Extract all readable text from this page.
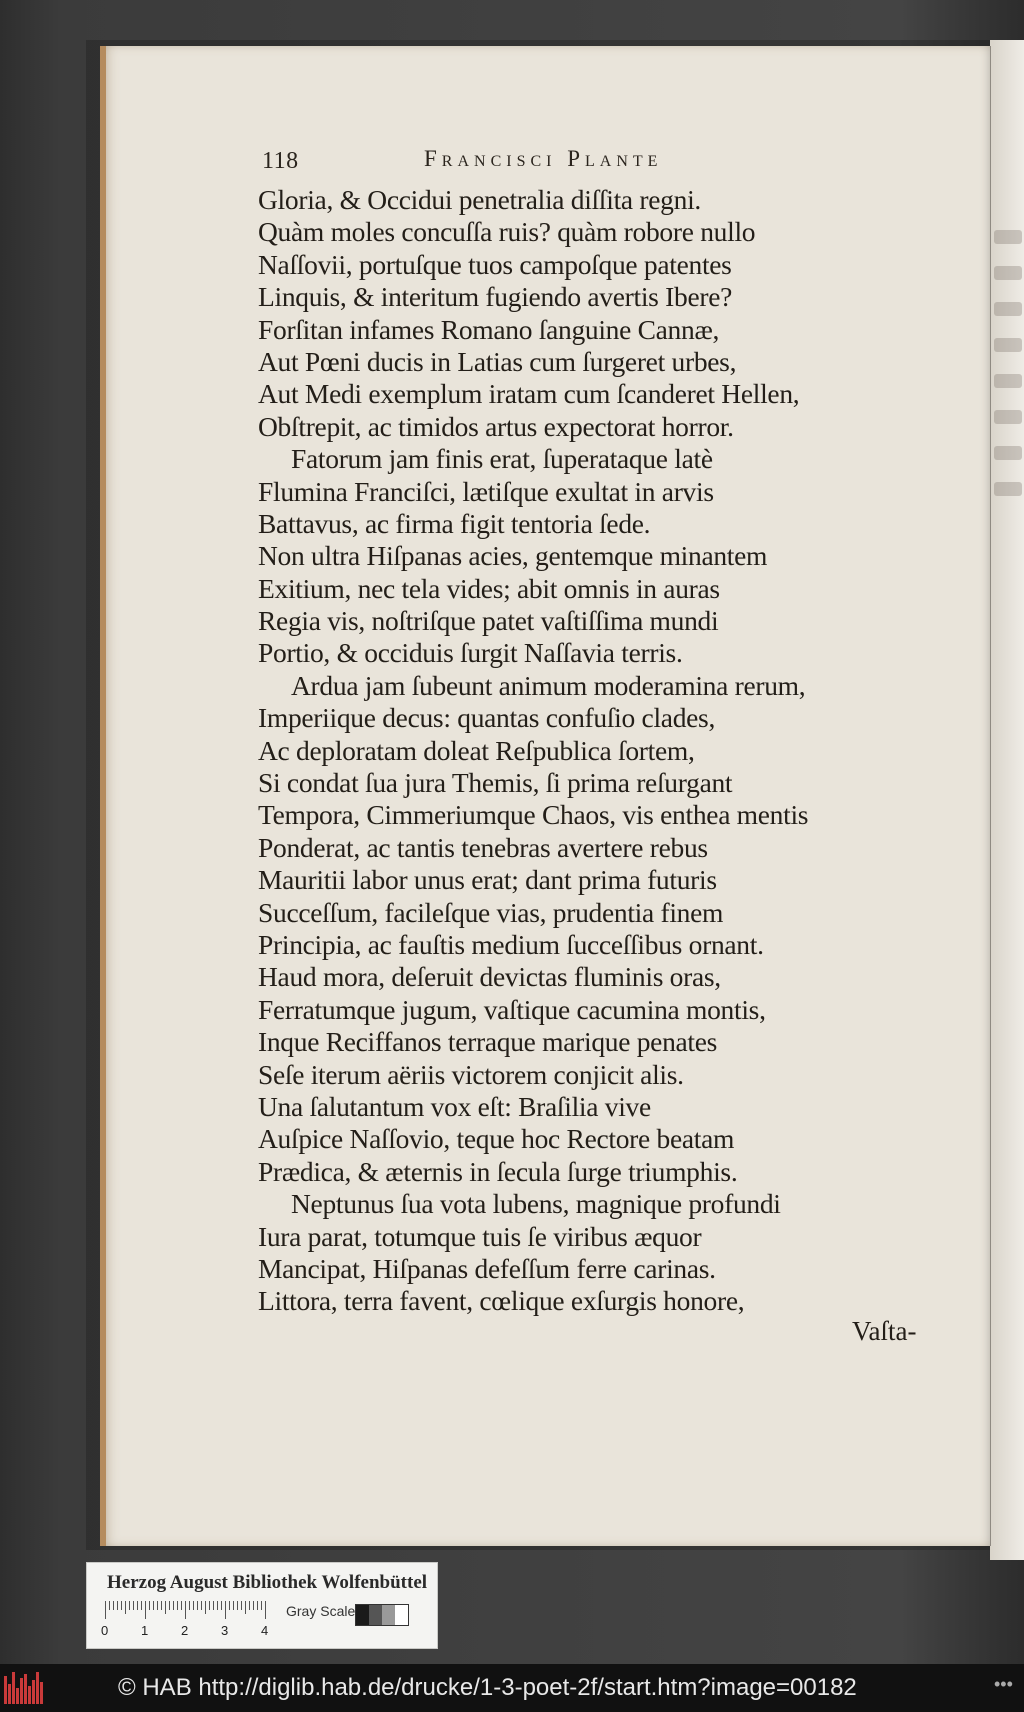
118	Francisci Plante
Gloria, & Occidui penetralia diſſita regni.
Quàm moles concuſſa ruis? quàm robore nullo
Naſſovii, portuſque tuos campoſque patentes
Linquis, & interitum fugiendo avertis Ibere?
Forſitan infames Romano ſanguine Cannæ,
Aut Pœni ducis in Latias cum ſurgeret urbes,
Aut Medi exemplum iratam cum ſcanderet Hellen,
Obſtrepit, ac timidos artus expectorat horror.
Fatorum jam finis erat, ſuperataque latè
Flumina Franciſci, lætiſque exultat in arvis
Battavus, ac firma figit tentoria ſede.
Non ultra Hiſpanas acies, gentemque minantem
Exitium, nec tela vides; abit omnis in auras
Regia vis, noſtriſque patet vaſtiſſima mundi
Portio, & occiduis ſurgit Naſſavia terris.
Ardua jam ſubeunt animum moderamina rerum,
Imperiique decus: quantas confuſio clades,
Ac deploratam doleat Reſpublica ſortem,
Si condat ſua jura Themis, ſi prima reſurgant
Tempora, Cimmeriumque Chaos, vis enthea mentis
Ponderat, ac tantis tenebras avertere rebus
Mauritii labor unus erat; dant prima futuris
Succeſſum, facileſque vias, prudentia finem
Principia, ac fauſtis medium ſucceſſibus ornant.
Haud mora, deſeruit devictas fluminis oras,
Ferratumque jugum, vaſtique cacumina montis,
Inque Reciffanos terraque marique penates
Seſe iterum aëriis victorem conjicit alis.
Una ſalutantum vox eſt: Braſilia vive
Auſpice Naſſovio, teque hoc Rectore beatam
Prædica, & æternis in ſecula ſurge triumphis.
Neptunus ſua vota lubens, magnique profundi
Iura parat, totumque tuis ſe viribus æquor
Mancipat, Hiſpanas defeſſum ferre carinas.
Littora, terra favent, cœlique exſurgis honore,
Vaſta-
Herzog August Bibliothek Wolfenbüttel
0	1	2	3	4
Gray Scale
© HAB http://diglib.hab.de/drucke/1-3-poet-2f/start.htm?image=00182	•••
